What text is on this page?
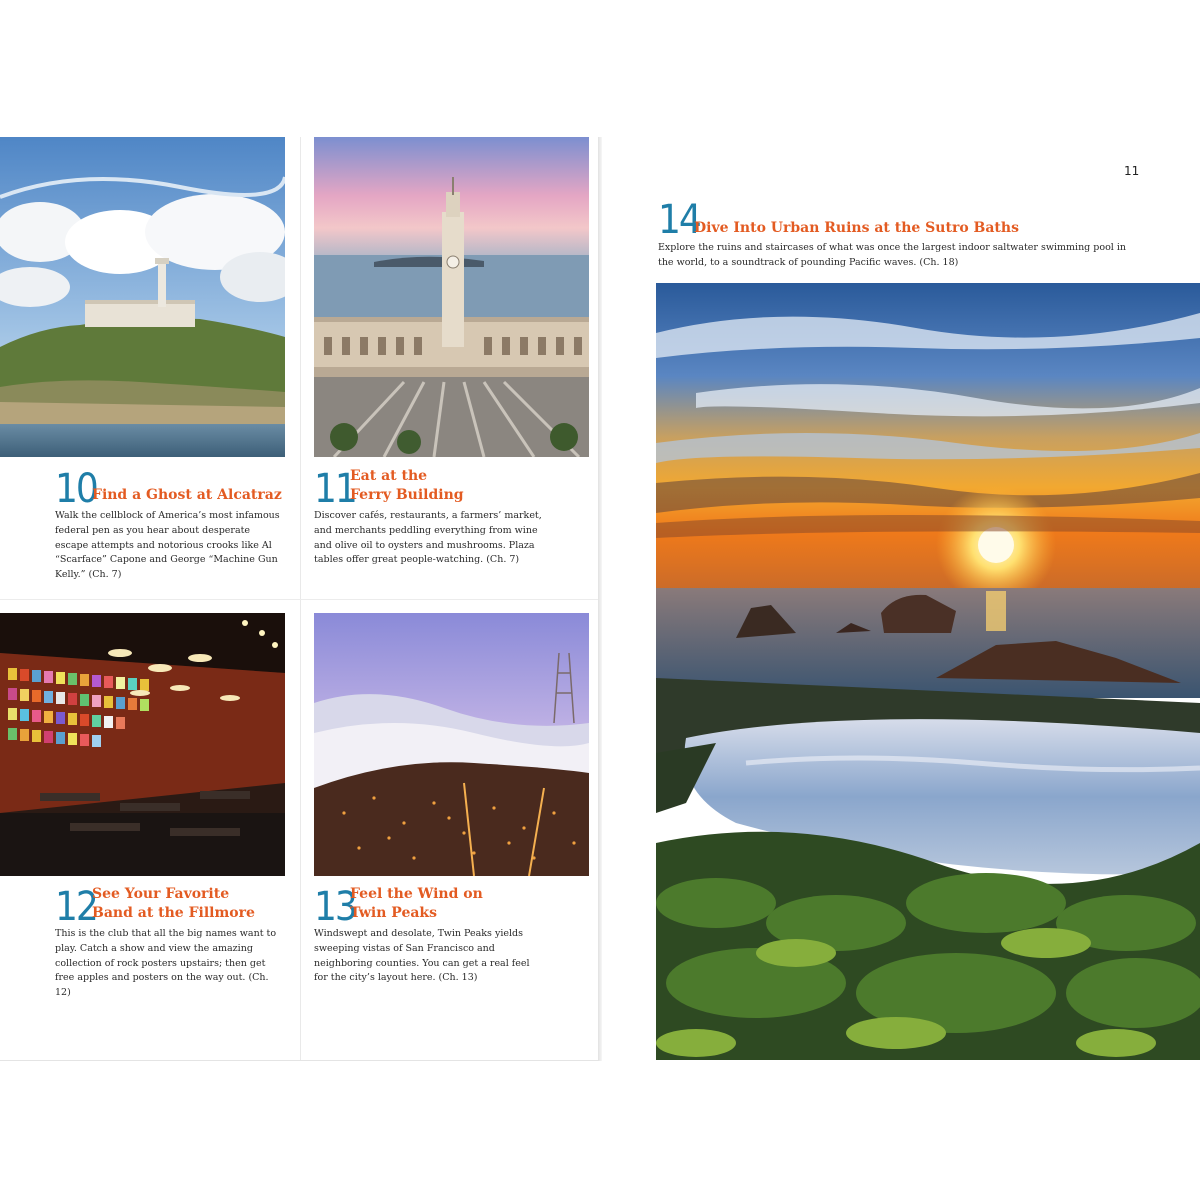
10
Find a Ghost at Alcatraz
Walk the cellblock of America’s most infamous federal pen as you hear about desperate escape attempts and notorious crooks like Al “Scarface” Capone and George “Machine Gun Kelly.” (Ch. 7)
11
Eat at the
Ferry Building
Discover cafés, restaurants, a farmers’ market, and merchants peddling everything from wine and olive oil to oysters and mushrooms. Plaza tables offer great people-watching. (Ch. 7)
12
See Your Favorite
Band at the Fillmore
This is the club that all the big names want to play. Catch a show and view the amazing collection of rock posters upstairs; then get free apples and posters on the way out. (Ch. 12)
13
Feel the Wind on
Twin Peaks
Windswept and desolate, Twin Peaks yields sweeping vistas of San Francisco and neighboring counties. You can get a real feel for the city’s layout here. (Ch. 13)
11
14
Dive Into Urban Ruins at the Sutro Baths
Explore the ruins and staircases of what was once the largest indoor saltwater swimming pool in the world, to a soundtrack of pounding Pacific waves. (Ch. 18)
